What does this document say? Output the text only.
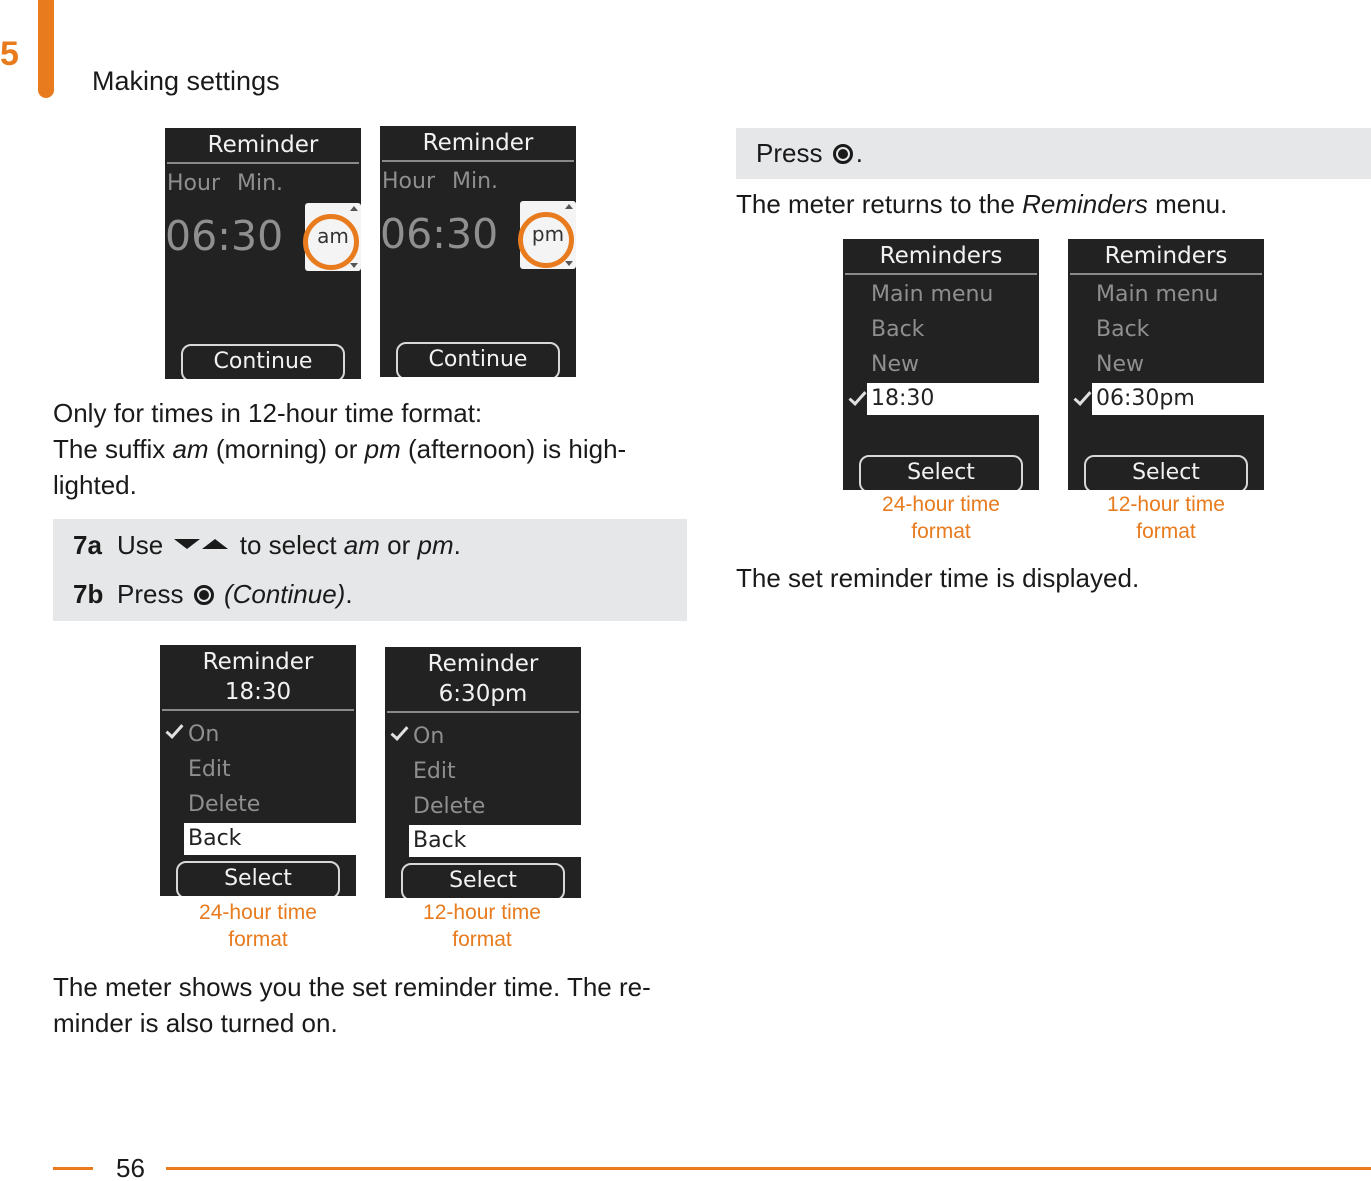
5
Making settings
Reminder
Hour Min.
06:30	am
Continue
Reminder
Hour Min.
06:30	pm
Continue
Only for times in 12-hour time format:
The suffix am (morning) or pm (afternoon) is high-
lighted.
7a Use	to select am or pm.
7b Press (Continue).
Reminder
18:30
On
Edit
Delete
Back
Select
24-hour time
format
Reminder
6:30pm
On
Edit
Delete
Back
Select
12-hour time
format
The meter shows you the set reminder time. The re-
minder is also turned on.
Press .
The meter returns to the Reminders menu.
Reminders
Main menu
Back
New
18:30
Select
24-hour time
format
Reminders
Main menu
Back
New
06:30pm
Select
12-hour time
format
The set reminder time is displayed.
56
